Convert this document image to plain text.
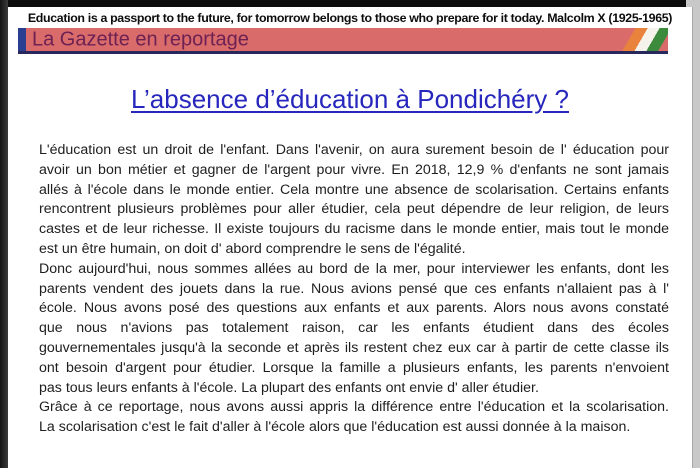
Education is a passport to the future, for tomorrow belongs to those who prepare for it today. Malcolm X (1925-1965)
La Gazette en reportage
L’absence d’éducation à Pondichéry ?
L'éducation est un droit de l'enfant. Dans l'avenir, on aura surement besoin de l' éducation pour
avoir un bon métier et gagner de l'argent pour vivre. En 2018, 12,9 % d'enfants ne sont jamais
allés à l'école dans le monde entier. Cela montre une absence de scolarisation. Certains enfants
rencontrent plusieurs problèmes pour aller étudier, cela peut dépendre de leur religion, de leurs
castes et de leur richesse. Il existe toujours du racisme dans le monde entier, mais tout le monde
est un être humain, on doit d' abord comprendre le sens de l'égalité.
Donc aujourd'hui, nous sommes allées au bord de la mer, pour interviewer les enfants, dont les
parents vendent des jouets dans la rue. Nous avions pensé que ces enfants n'allaient pas à l'
école. Nous avons posé des questions aux enfants et aux parents. Alors nous avons constaté
que nous n'avions pas totalement raison, car les enfants étudient dans des écoles
gouvernementales jusqu'à la seconde et après ils restent chez eux car à partir de cette classe ils
ont besoin d'argent pour étudier. Lorsque la famille a plusieurs enfants, les parents n'envoient
pas tous leurs enfants à l'école. La plupart des enfants ont envie d' aller étudier.
Grâce à ce reportage, nous avons aussi appris la différence entre l'éducation et la scolarisation.
La scolarisation c'est le fait d'aller à l'école alors que l'éducation est aussi donnée à la maison.
